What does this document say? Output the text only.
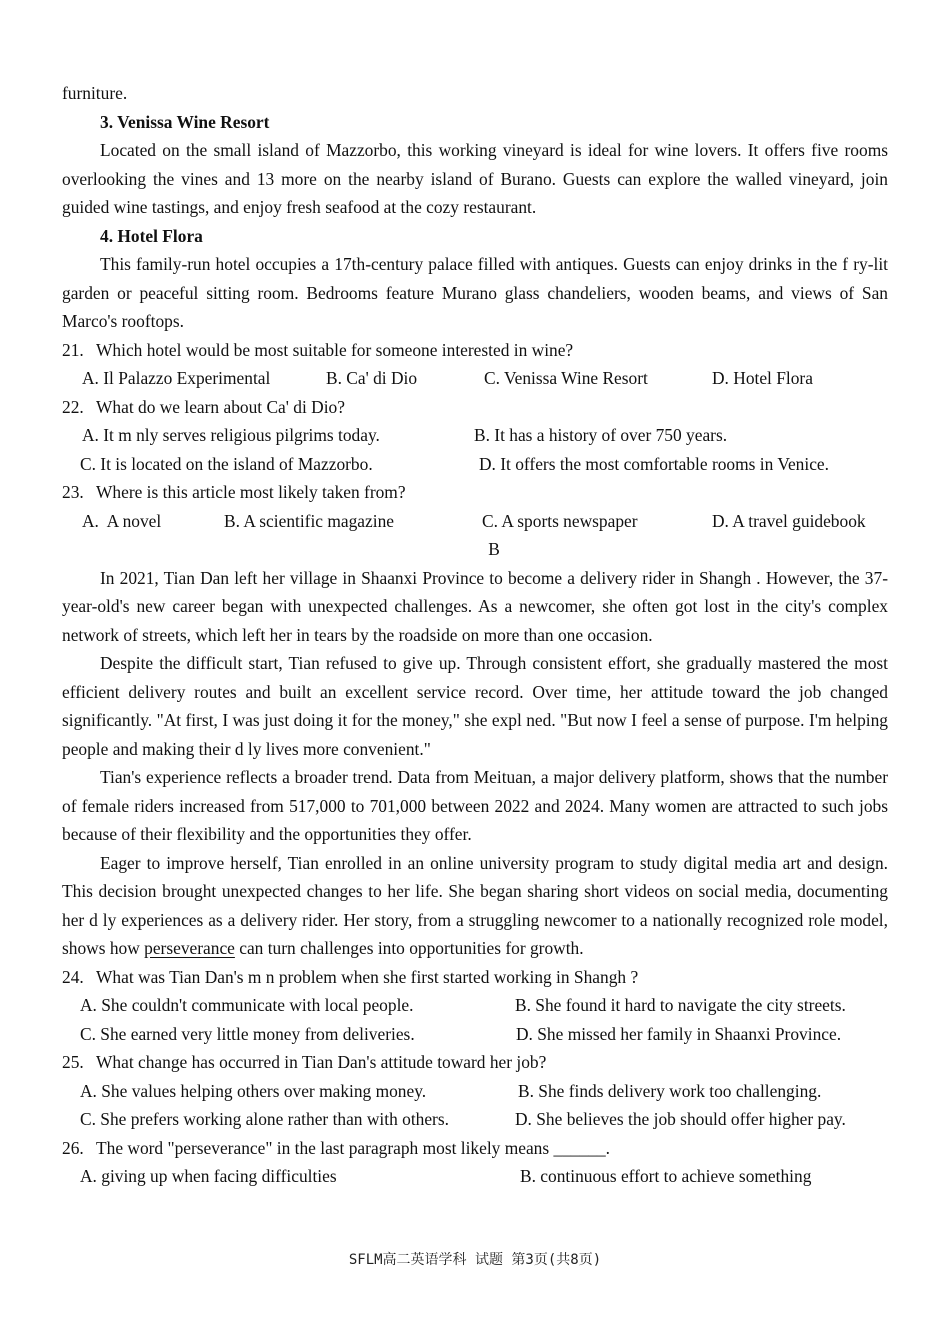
furniture.

3. Venissa Wine Resort

Located on the small island of Mazzorbo, this working vineyard is ideal for wine lovers. It offers five rooms overlooking the vines and 13 more on the nearby island of Burano. Guests can explore the walled vineyard, join guided wine tastings, and enjoy fresh seafood at the cozy restaurant.

4. Hotel Flora

This family-run hotel occupies a 17th-century palace filled with antiques. Guests can enjoy drinks in the f ry-lit garden or peaceful sitting room. Bedrooms feature Murano glass chandeliers, wooden beams, and views of San Marco's rooftops.

21. Which hotel would be most suitable for someone interested in wine?
A. Il Palazzo Experimental	B. Ca' di Dio	C. Venissa Wine Resort	D. Hotel Flora
22. What do we learn about Ca' di Dio?
A. It m nly serves religious pilgrims today.	B. It has a history of over 750 years.
C. It is located on the island of Mazzorbo.	D. It offers the most comfortable rooms in Venice.
23. Where is this article most likely taken from?
A.  A novel	B. A scientific magazine	C. A sports newspaper	D. A travel guidebook

B

In 2021, Tian Dan left her village in Shaanxi Province to become a delivery rider in Shangh . However, the 37-year-old's new career began with unexpected challenges. As a newcomer, she often got lost in the city's complex network of streets, which left her in tears by the roadside on more than one occasion.

Despite the difficult start, Tian refused to give up. Through consistent effort, she gradually mastered the most efficient delivery routes and built an excellent service record. Over time, her attitude toward the job changed significantly. "At first, I was just doing it for the money," she expl ned. "But now I feel a sense of purpose. I'm helping people and making their d ly lives more convenient."

Tian's experience reflects a broader trend. Data from Meituan, a major delivery platform, shows that the number of female riders increased from 517,000 to 701,000 between 2022 and 2024. Many women are attracted to such jobs because of their flexibility and the opportunities they offer.

Eager to improve herself, Tian enrolled in an online university program to study digital media art and design. This decision brought unexpected changes to her life. She began sharing short videos on social media, documenting her d ly experiences as a delivery rider. Her story, from a struggling newcomer to a nationally recognized role model, shows how perseverance can turn challenges into opportunities for growth.

24. What was Tian Dan's m n problem when she first started working in Shangh ?
A. She couldn't communicate with local people.	B. She found it hard to navigate the city streets.
C. She earned very little money from deliveries.	D. She missed her family in Shaanxi Province.
25. What change has occurred in Tian Dan's attitude toward her job?
A. She values helping others over making money.	B. She finds delivery work too challenging.
C. She prefers working alone rather than with others.	D. She believes the job should offer higher pay.
26. The word "perseverance" in the last paragraph most likely means ______.
A. giving up when facing difficulties	B. continuous effort to achieve something
SFLM高二英语学科 试题 第3页(共8页)
